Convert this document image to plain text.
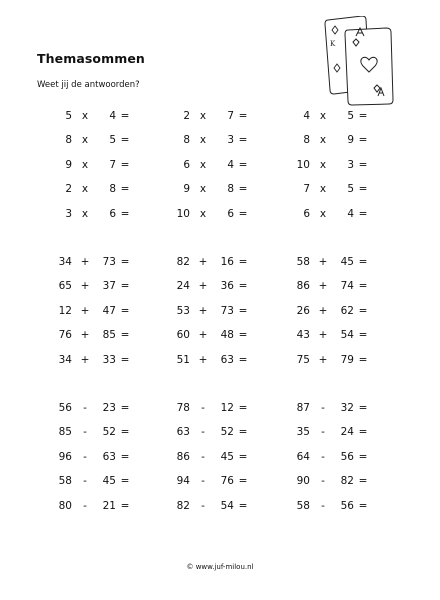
Themasommen
Weet jij de antwoorden?
K
5 x	4 =	2 x	7 =	4 x	5 =
8 x	5 =	8 x	3 =	8 x	9 =
9 x	7 =	6 x	4 =	10 x	3 =
2 x	8 =	9 x	8 =	7 x	5 =
3 x	6 =	10 x	6 =	6 x	4 =
34 +	73 =	82 +	16 =	58 +	45 =
65 +	37 =	24 +	36 =	86 +	74 =
12 +	47 =	53 +	73 =	26 +	62 =
76 +	85 =	60 +	48 =	43 +	54 =
34 +	33 =	51 +	63 =	75 +	79 =
56	-	23 =	78	-	12 =	87	-	32 =
85	-	52 =	63	-	52 =	35	-	24 =
96	-	63 =	86	-	45 =	64	-	56 =
58	-	45 =	94	-	76 =	90	-	82 =
80	-	21 =	82	-	54 =	58	-	56 =
© www.juf-milou.nl
